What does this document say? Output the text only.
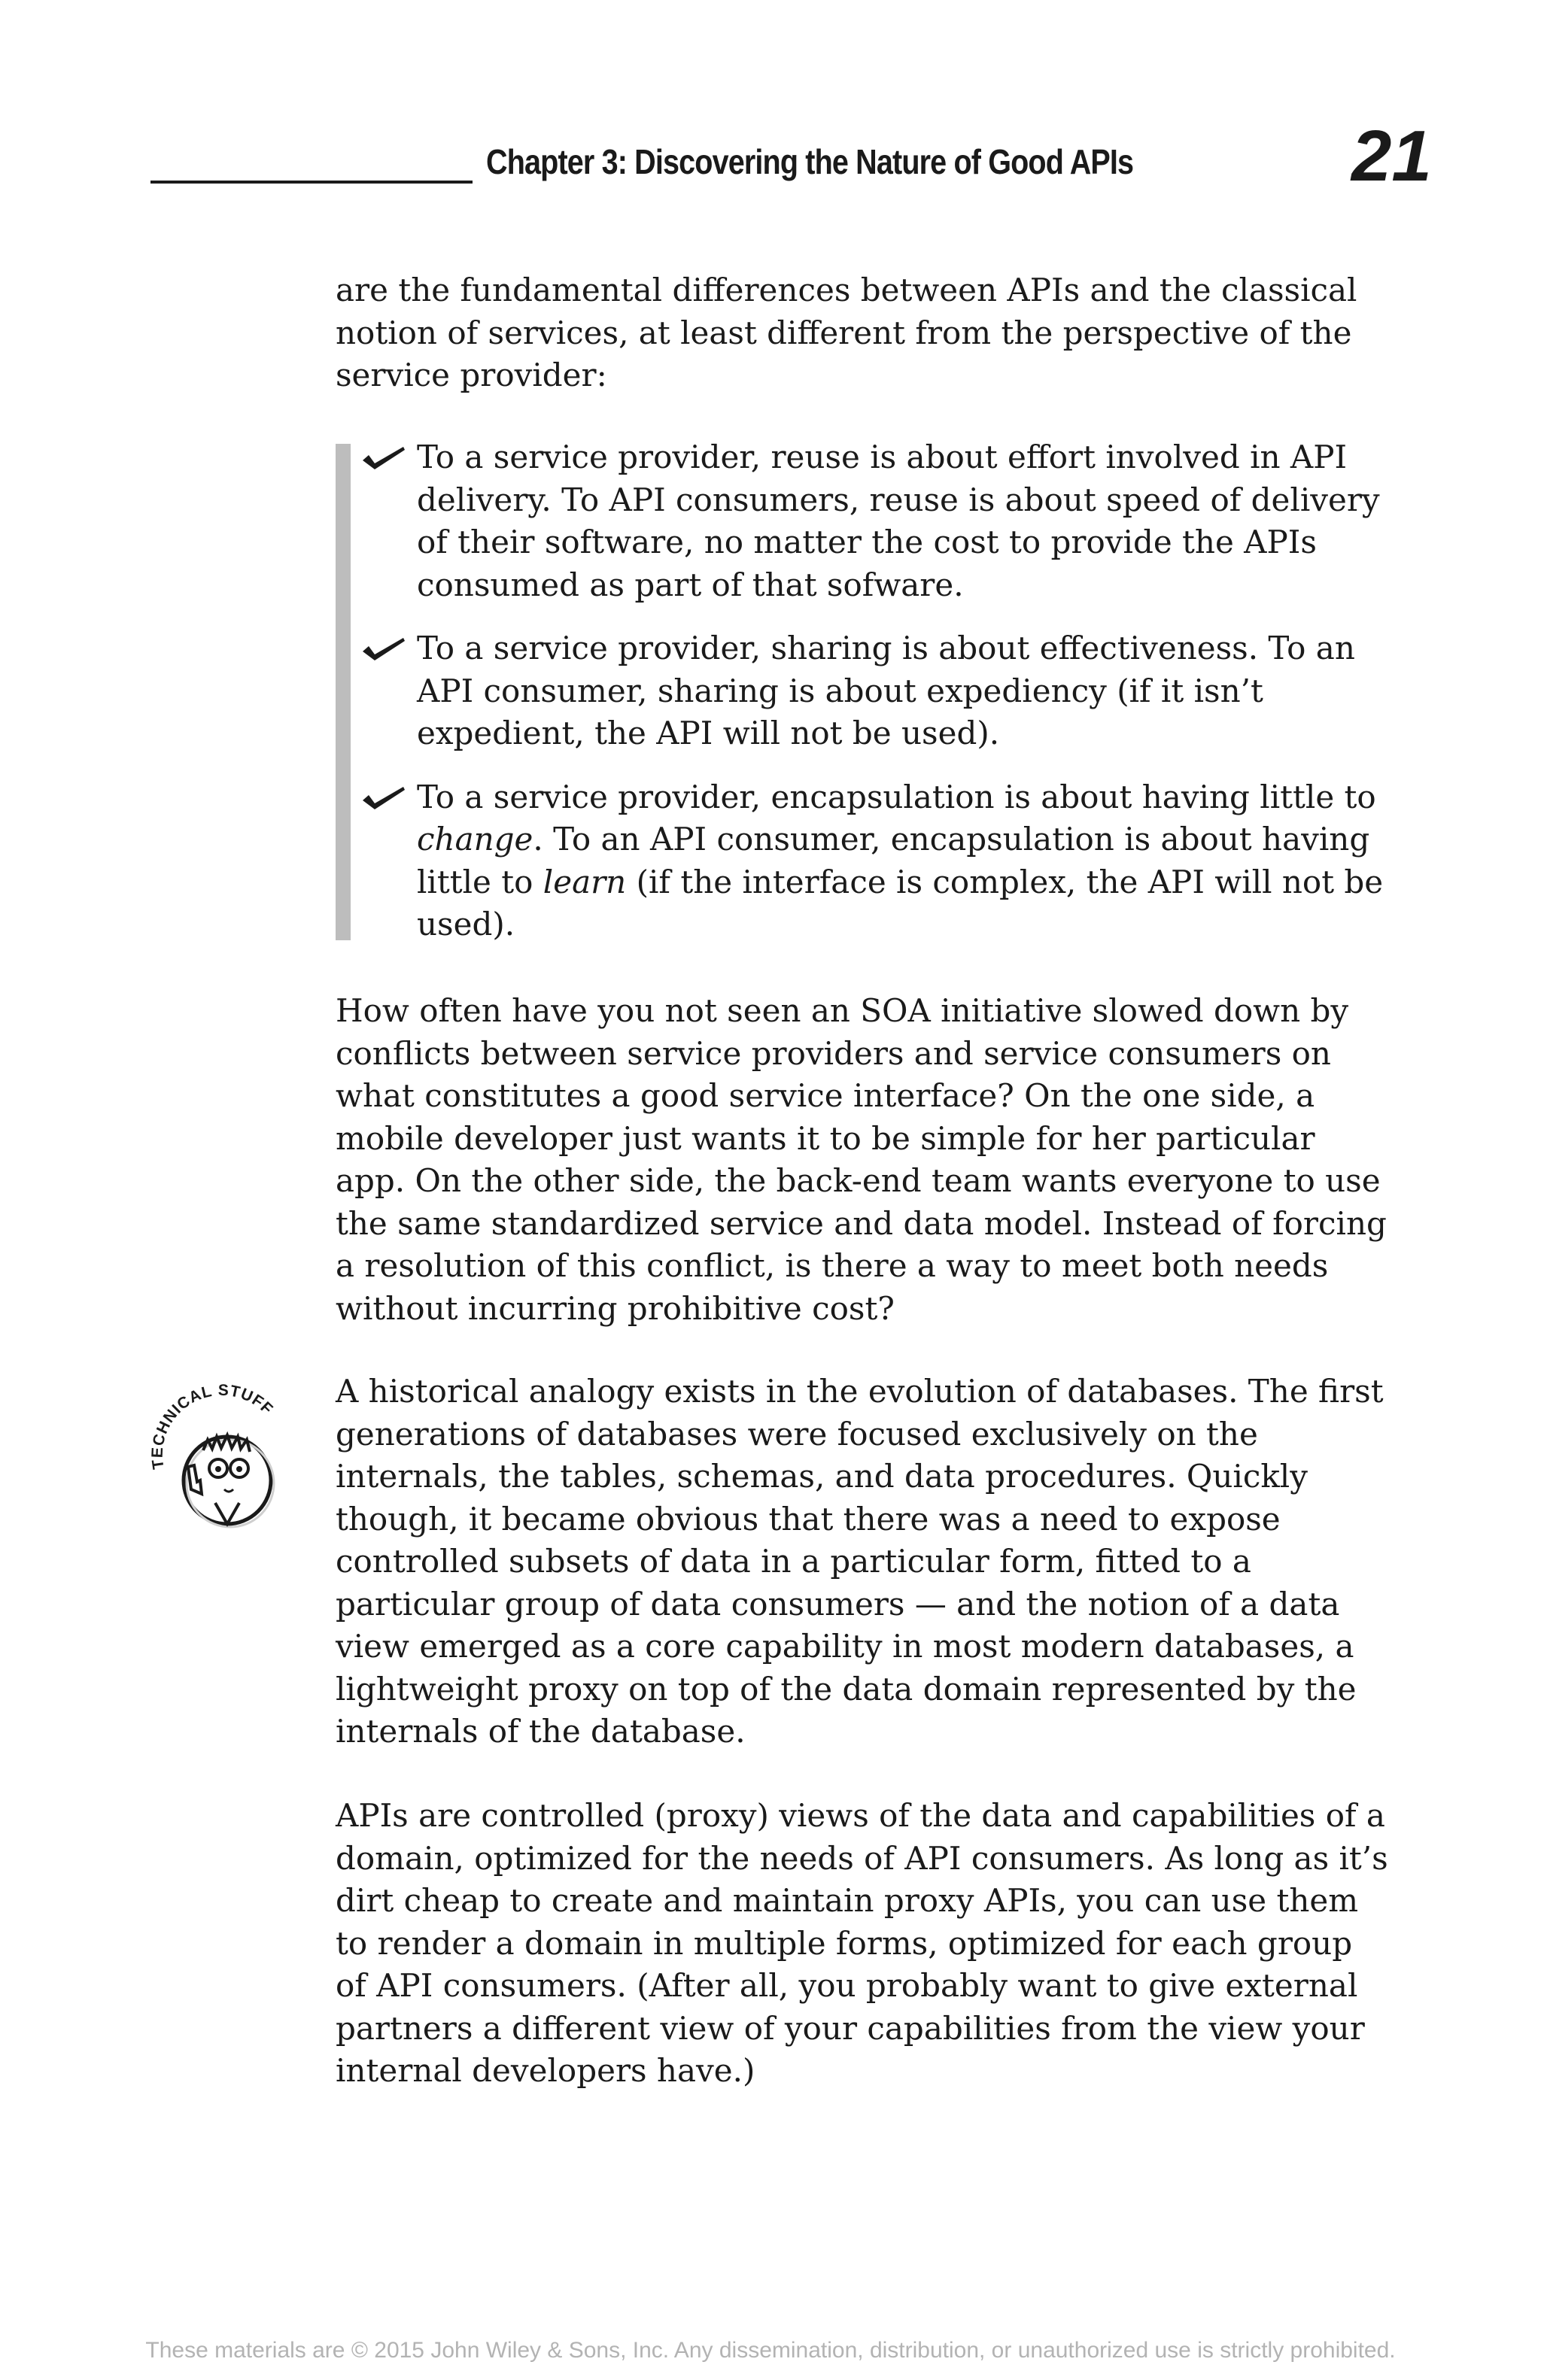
Chapter 3: Discovering the Nature of Good APIs	21

are the fundamental differences between APIs and the classical notion of services, at least different from the perspective of the service provider:

To a service provider, reuse is about effort involved in API delivery. To API consumers, reuse is about speed of delivery of their software, no matter the cost to provide the APIs consumed as part of that sofware.
To a service provider, sharing is about effectiveness. To an API consumer, sharing is about expediency (if it isn’t expedient, the API will not be used).
To a service provider, encapsulation is about having little to change. To an API consumer, encapsulation is about having little to learn (if the interface is complex, the API will not be used).

How often have you not seen an SOA initiative slowed down by conflicts between service providers and service consumers on what constitutes a good service interface? On the one side, a mobile developer just wants it to be simple for her particular app. On the other side, the back-end team wants everyone to use the same standardized service and data model. Instead of forcing a resolution of this conflict, is there a way to meet both needs without incurring prohibitive cost?

TECHNICAL STUFF A historical analogy exists in the evolution of databases. The first generations of databases were focused exclusively on the internals, the tables, schemas, and data procedures. Quickly though, it became obvious that there was a need to expose controlled subsets of data in a particular form, fitted to a particular group of data consumers — and the notion of a data view emerged as a core capability in most modern databases, a lightweight proxy on top of the data domain represented by the internals of the database.

APIs are controlled (proxy) views of the data and capabilities of a domain, optimized for the needs of API consumers. As long as it’s dirt cheap to create and maintain proxy APIs, you can use them to render a domain in multiple forms, optimized for each group of API consumers. (After all, you probably want to give external partners a different view of your capabilities from the view your internal developers have.)

These materials are © 2015 John Wiley & Sons, Inc. Any dissemination, distribution, or unauthorized use is strictly prohibited.
